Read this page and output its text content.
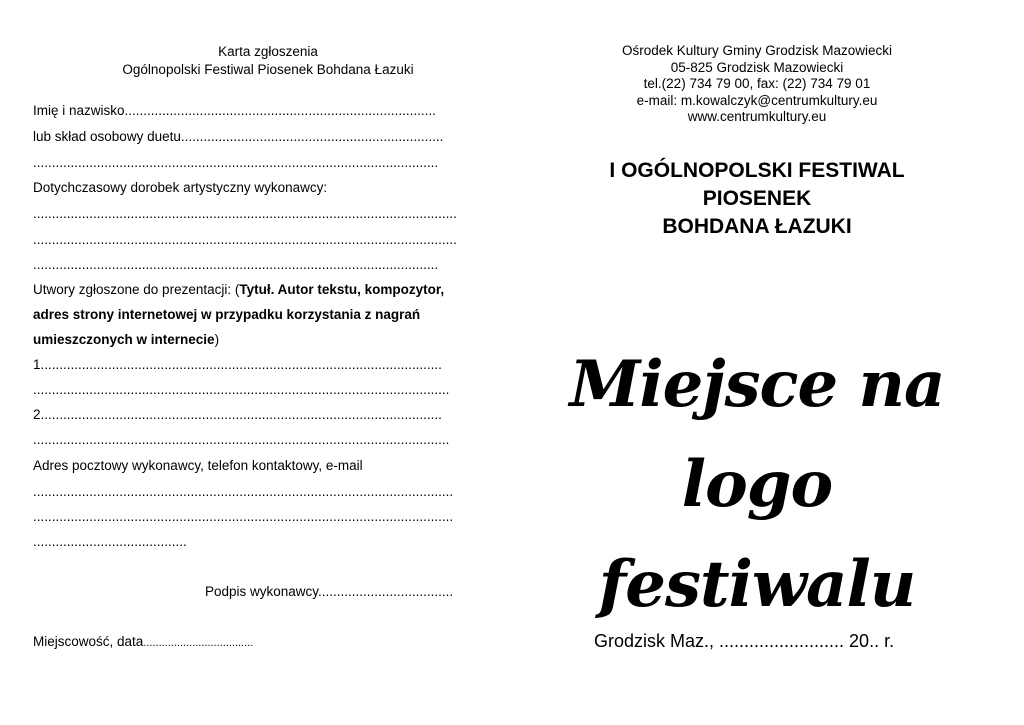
Karta zgłoszenia
Ogólnopolski Festiwal Piosenek Bohdana Łazuki
Imię i nazwisko...................................................................................
lub skład osobowy duetu......................................................................
............................................................................................................
Dotychczasowy dorobek artystyczny wykonawcy:
.................................................................................................................
.................................................................................................................
............................................................................................................
Utwory zgłoszone do prezentacji: (Tytuł. Autor tekstu, kompozytor,
adres strony internetowej w przypadku korzystania z nagrań
umieszczonych w internecie)
1...........................................................................................................
...............................................................................................................
2...........................................................................................................
...............................................................................................................
Adres pocztowy wykonawcy, telefon kontaktowy, e-mail
................................................................................................................
................................................................................................................
.........................................
Podpis wykonawcy....................................
Miejscowość, data....................................
Ośrodek Kultury Gminy Grodzisk Mazowiecki
05-825 Grodzisk Mazowiecki
tel.(22) 734 79 00, fax: (22) 734 79 01
e-mail: m.kowalczyk@centrumkultury.eu
www.centrumkultury.eu
I OGÓLNOPOLSKI FESTIWAL
PIOSENEK
BOHDANA ŁAZUKI
Miejsce na logo
festiwalu
Grodzisk Maz., ......................... 20.. r.
